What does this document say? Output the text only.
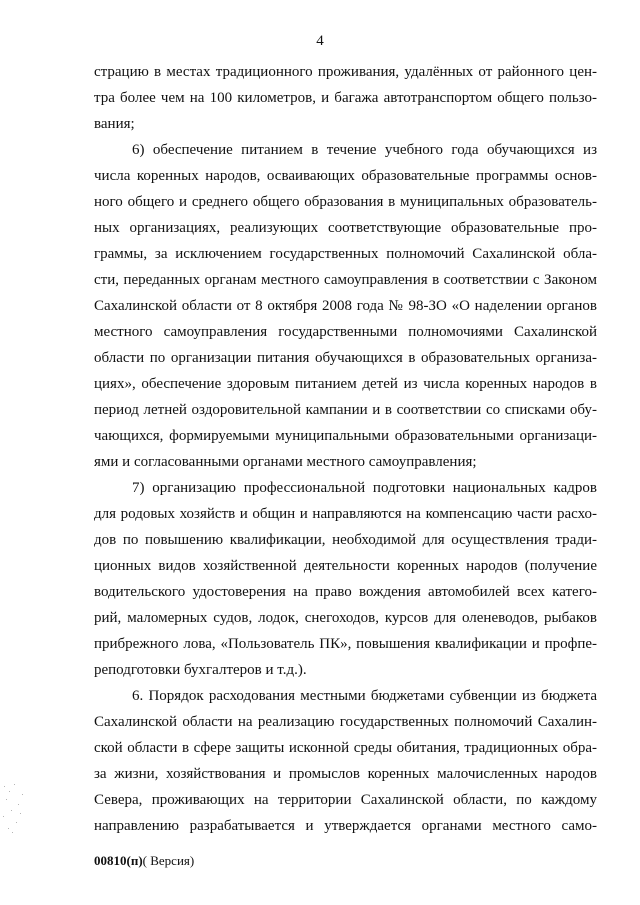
4
страцию в местах традиционного проживания, удалённых от районного цен-
тра более чем на 100 километров, и багажа автотранспортом общего пользо-
вания;
6) обеспечение питанием в течение учебного года обучающихся из
числа коренных народов, осваивающих образовательные программы основ-
ного общего и среднего общего образования в муниципальных образователь-
ных организациях, реализующих соответствующие образовательные про-
граммы, за исключением государственных полномочий Сахалинской обла-
сти, переданных органам местного самоуправления в соответствии с Законом
Сахалинской области от 8 октября 2008 года № 98-ЗО «О наделении органов
местного самоуправления государственными полномочиями Сахалинской
области по организации питания обучающихся в образовательных организа-
циях», обеспечение здоровым питанием детей из числа коренных народов в
период летней оздоровительной кампании и в соответствии со списками обу-
чающихся, формируемыми муниципальными образовательными организаци-
ями и согласованными органами местного самоуправления;
7) организацию профессиональной подготовки национальных кадров
для родовых хозяйств и общин и направляются на компенсацию части расхо-
дов по повышению квалификации, необходимой для осуществления тради-
ционных видов хозяйственной деятельности коренных народов (получение
водительского удостоверения на право вождения автомобилей всех катего-
рий, маломерных судов, лодок, снегоходов, курсов для оленеводов, рыбаков
прибрежного лова, «Пользователь ПК», повышения квалификации и профпе-
реподготовки бухгалтеров и т.д.).
6. Порядок расходования местными бюджетами субвенции из бюджета
Сахалинской области на реализацию государственных полномочий Сахалин-
ской области в сфере защиты исконной среды обитания, традиционных обра-
за жизни, хозяйствования и промыслов коренных малочисленных народов
Севера, проживающих на территории Сахалинской области, по каждому
направлению разрабатывается и утверждается органами местного само-
00810(п)( Версия)
